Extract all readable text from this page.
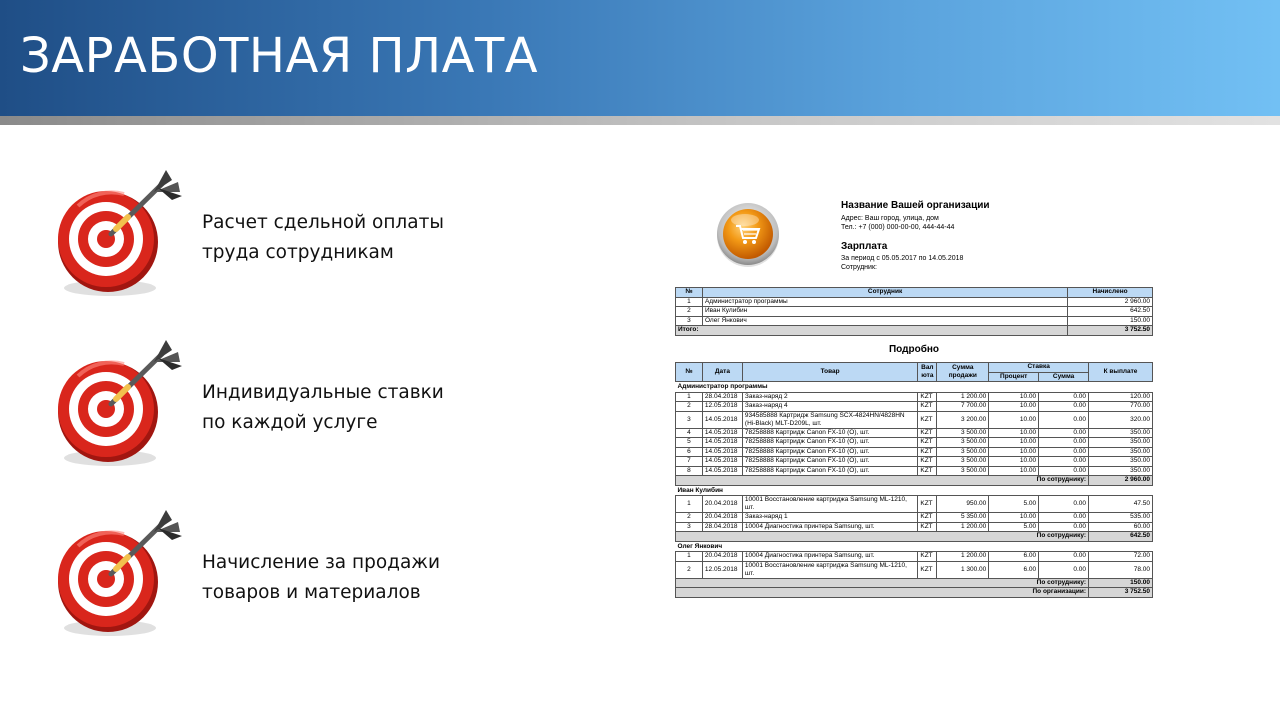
ЗАРАБОТНАЯ ПЛАТА
Расчет сдельной оплаты
труда сотрудникам
Индивидуальные ставки
по каждой услуге
Начисление за продажи
товаров и материалов
Название Вашей организации
Адрес: Ваш город, улица, дом
Тел.: +7 (000) 000-00-00, 444-44-44
Зарплата
За период с 05.05.2017 по 14.05.2018
Сотрудник:
№	Сотрудник	Начислено
1	Администратор программы	2 960.00
2	Иван Кулибин	642.50
3	Олег Янкович	150.00
Итого:		3 752.50
Подробно
№	Дата	Товар	Вал юта	Сумма продажи	Ставка		К выплате
					Процент	Сумма	
Администратор программы							
1	28.04.2018	Заказ-наряд 2	KZT	1 200.00	10.00	0.00	120.00
2	12.05.2018	Заказ-наряд 4	KZT	7 700.00	10.00	0.00	770.00
3	14.05.2018	934585888 Картридж Samsung SCX-4824HN/4828HN (Hi-Black) MLT-D209L, шт.	KZT	3 200.00	10.00	0.00	320.00
4	14.05.2018	78258888 Картридж Canon FX-10 (O), шт.	KZT	3 500.00	10.00	0.00	350.00
5	14.05.2018	78258888 Картридж Canon FX-10 (O), шт.	KZT	3 500.00	10.00	0.00	350.00
6	14.05.2018	78258888 Картридж Canon FX-10 (O), шт.	KZT	3 500.00	10.00	0.00	350.00
7	14.05.2018	78258888 Картридж Canon FX-10 (O), шт.	KZT	3 500.00	10.00	0.00	350.00
8	14.05.2018	78258888 Картридж Canon FX-10 (O), шт.	KZT	3 500.00	10.00	0.00	350.00
По сотруднику:							2 960.00
Иван Кулибин							
1	20.04.2018	10001 Восстановление картриджа Samsung ML-1210, шт.	KZT	950.00	5.00	0.00	47.50
2	20.04.2018	Заказ-наряд 1	KZT	5 350.00	10.00	0.00	535.00
3	28.04.2018	10004 Диагностика принтера Samsung, шт.	KZT	1 200.00	5.00	0.00	60.00
По сотруднику:							642.50
Олег Янкович							
1	20.04.2018	10004 Диагностика принтера Samsung, шт.	KZT	1 200.00	6.00	0.00	72.00
2	12.05.2018	10001 Восстановление картриджа Samsung ML-1210, шт.	KZT	1 300.00	6.00	0.00	78.00
По сотруднику:							150.00
По организации:							3 752.50
